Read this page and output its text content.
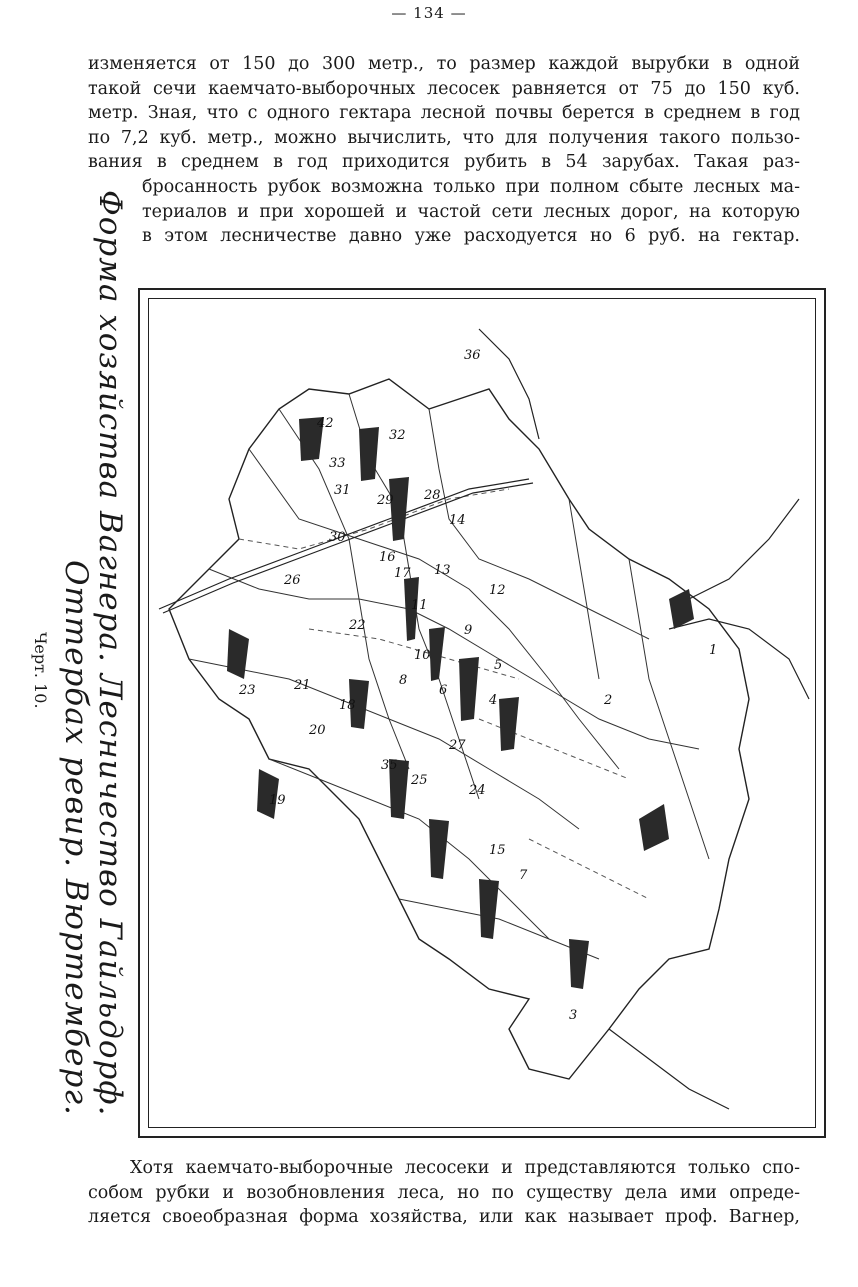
— 134 —

изменяется от 150 до 300 метр., то размер каждой вырубки в одной
такой сечи каемчато-выборочных лесосек равняется от 75 до 150 куб.
метр. Зная, что с одного гектара лесной почвы берется в среднем в год
по 7,2 куб. метр., можно вычислить, что для получения такого пользо-
вания в среднем в год приходится рубить в 54 зарубах. Такая раз-
бросанность рубок возможна только при полном сбыте лесных ма-
териалов и при хорошей и частой сети лесных дорог, на которую
в этом лесничестве давно уже расходуется но 6 руб. на гектар.

Форма хозяйства Вагнера. Лесничество Гайльдорф.
Оттербах ревир. Вюртемберг.
Черт. 10.
42
36
32
33
31
29 28
30
26
14
16
17 13
12
11
22	9
10
5
8
6
4
21
18
20
27
23
19
35
25
24
15
7
2
3
1

Хотя каемчато-выборочные лесосеки и представляются только спо-
собом рубки и возобновления леса, но по существу дела ими опреде-
ляется своеобразная форма хозяйства, или как называет проф. Вагнер,
